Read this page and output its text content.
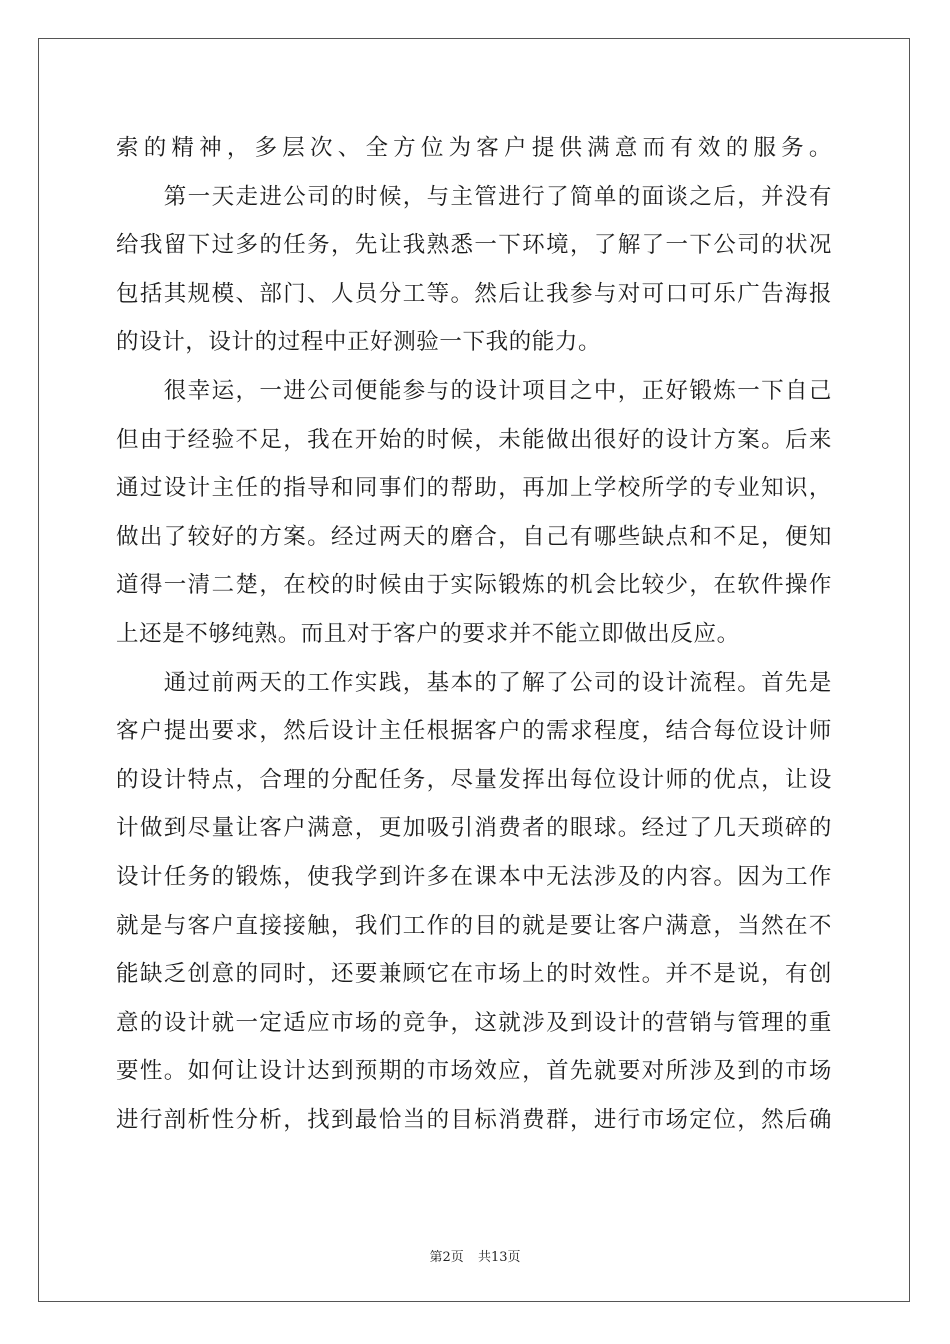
索的精神，多层次、全方位为客户提供满意而有效的服务。
　　第一天走进公司的时候，与主管进行了简单的面谈之后，并没有
给我留下过多的任务，先让我熟悉一下环境，了解了一下公司的状况
包括其规模、部门、人员分工等。然后让我参与对可口可乐广告海报
的设计，设计的过程中正好测验一下我的能力。
　　很幸运，一进公司便能参与的设计项目之中，正好锻炼一下自己
但由于经验不足，我在开始的时候，未能做出很好的设计方案。后来
通过设计主任的指导和同事们的帮助，再加上学校所学的专业知识，
做出了较好的方案。经过两天的磨合，自己有哪些缺点和不足，便知
道得一清二楚，在校的时候由于实际锻炼的机会比较少，在软件操作
上还是不够纯熟。而且对于客户的要求并不能立即做出反应。
　　通过前两天的工作实践，基本的了解了公司的设计流程。首先是
客户提出要求，然后设计主任根据客户的需求程度，结合每位设计师
的设计特点，合理的分配任务，尽量发挥出每位设计师的优点，让设
计做到尽量让客户满意，更加吸引消费者的眼球。经过了几天琐碎的
设计任务的锻炼，使我学到许多在课本中无法涉及的内容。因为工作
就是与客户直接接触，我们工作的目的就是要让客户满意，当然在不
能缺乏创意的同时，还要兼顾它在市场上的时效性。并不是说，有创
意的设计就一定适应市场的竞争，这就涉及到设计的营销与管理的重
要性。如何让设计达到预期的市场效应，首先就要对所涉及到的市场
进行剖析性分析，找到最恰当的目标消费群，进行市场定位，然后确
第2页 共13页
